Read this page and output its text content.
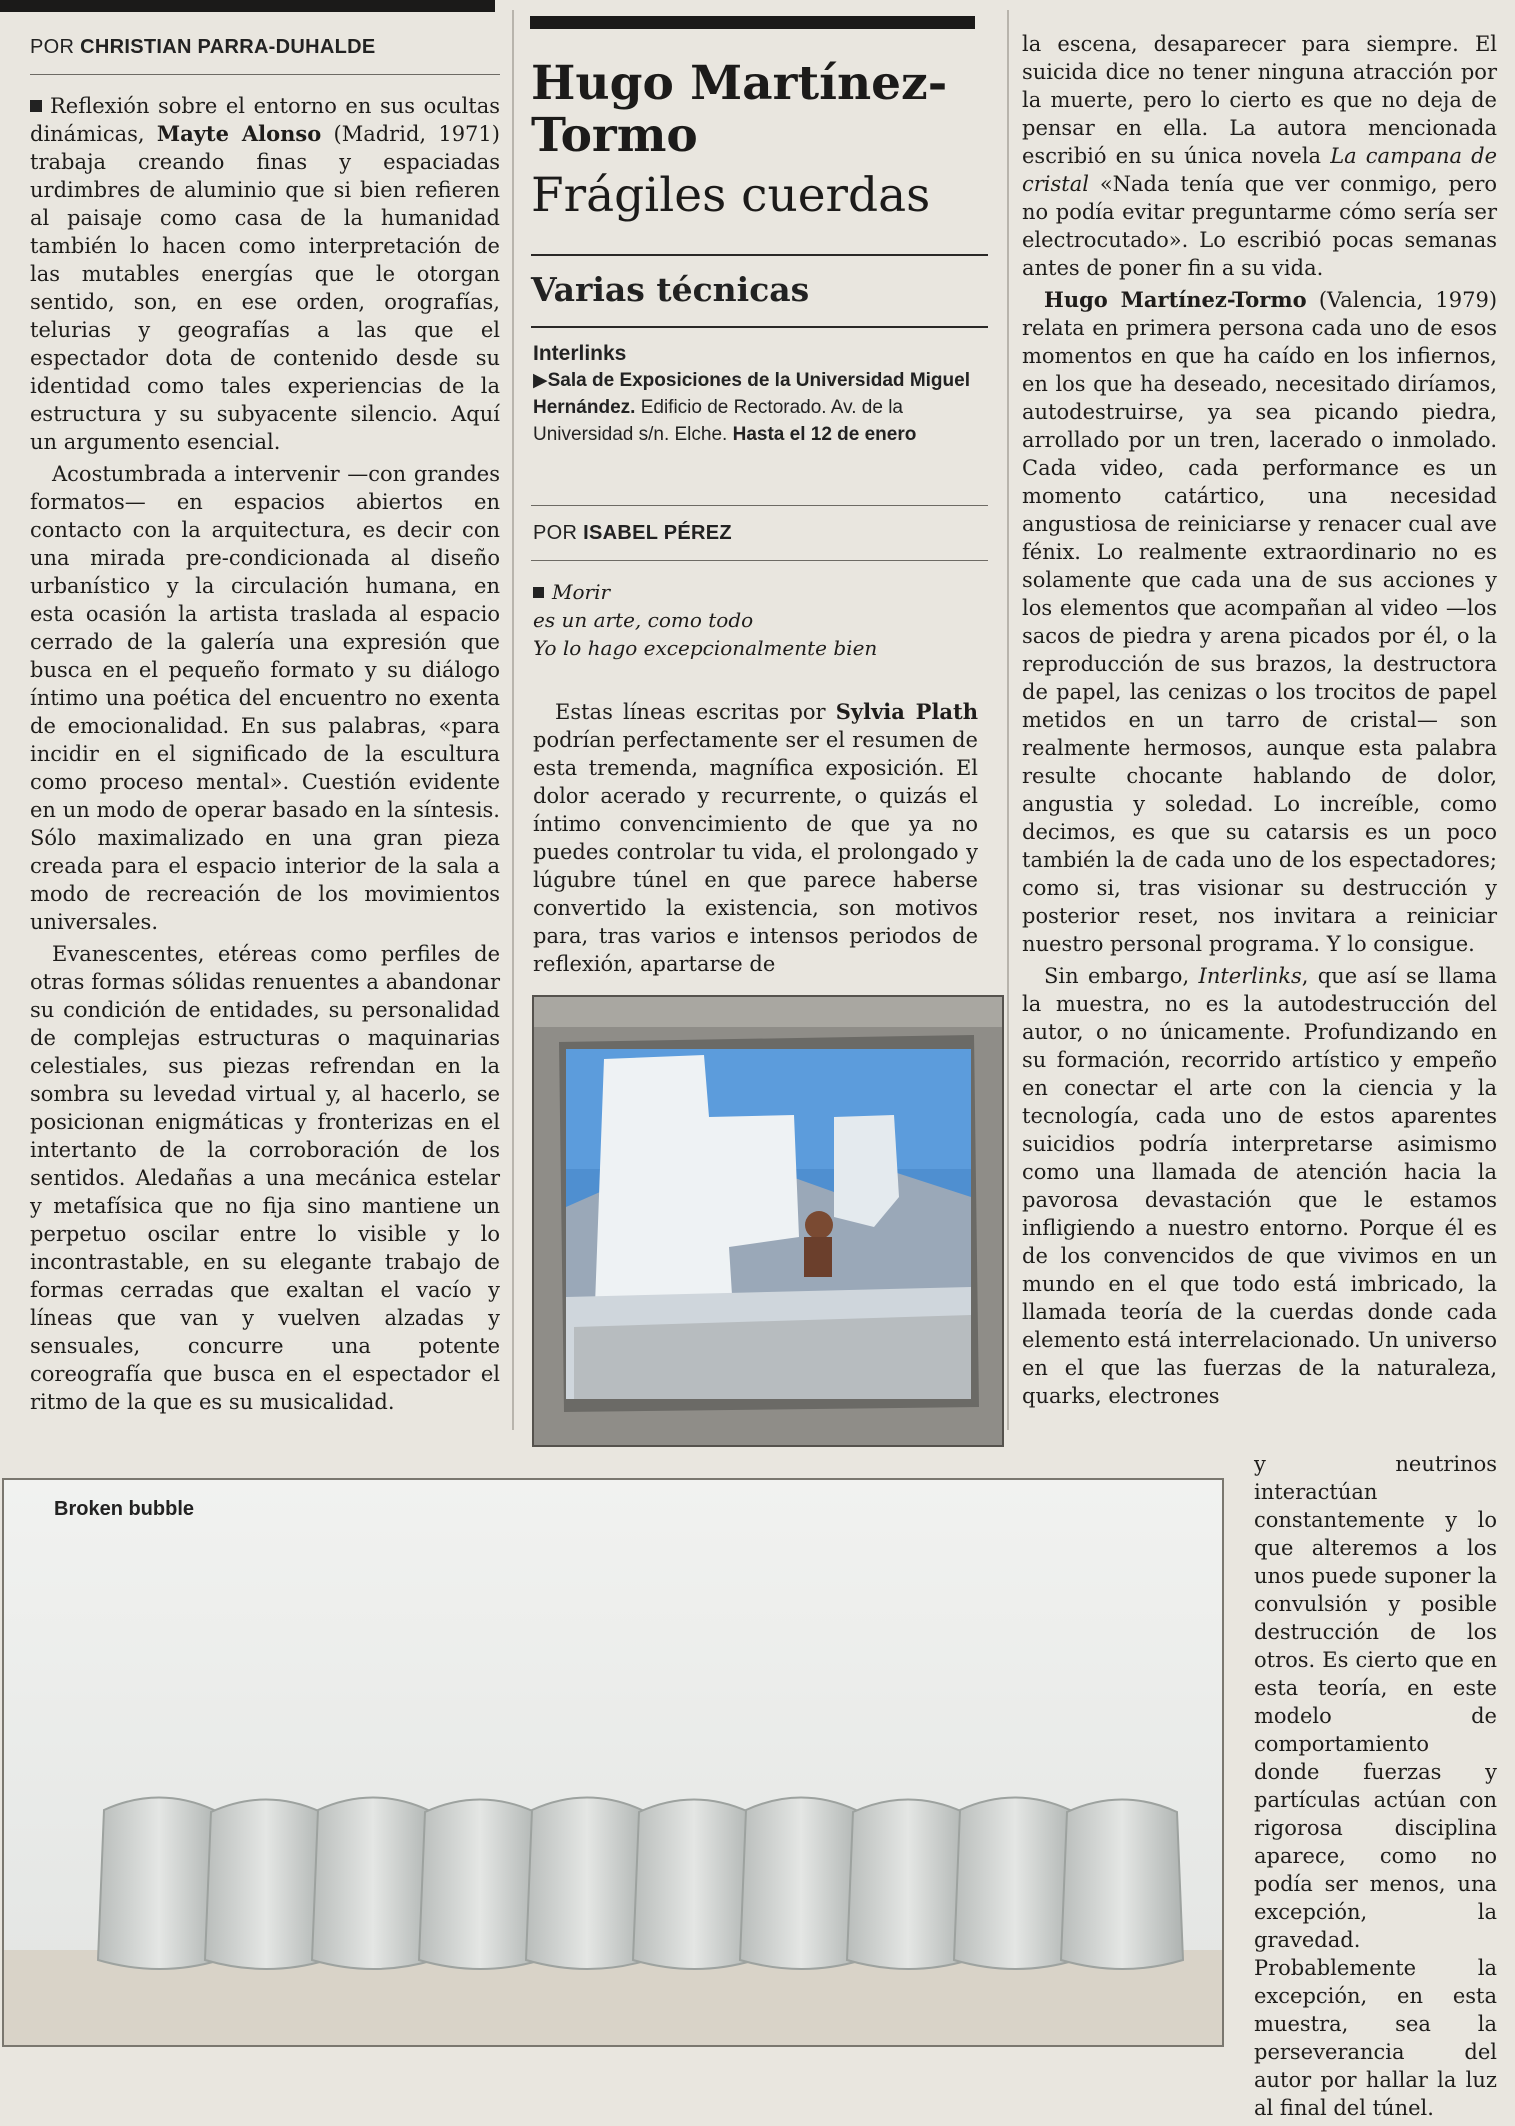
POR CHRISTIAN PARRA-DUHALDE

Reflexión sobre el entorno en sus ocultas dinámicas, Mayte Alonso (Madrid, 1971) trabaja creando finas y espaciadas urdimbres de aluminio que si bien refieren al paisaje como casa de la humanidad también lo hacen como interpretación de las mutables energías que le otorgan sentido, son, en ese orden, orografías, telurias y geografías a las que el espectador dota de contenido desde su identidad como tales experiencias de la estructura y su subyacente silencio. Aquí un argumento esencial.

Acostumbrada a intervenir —con grandes formatos— en espacios abiertos en contacto con la arquitectura, es decir con una mirada pre-condicionada al diseño urbanístico y la circulación humana, en esta ocasión la artista traslada al espacio cerrado de la galería una expresión que busca en el pequeño formato y su diálogo íntimo una poética del encuentro no exenta de emocionalidad. En sus palabras, «para incidir en el significado de la escultura como proceso mental». Cuestión evidente en un modo de operar basado en la síntesis. Sólo maximalizado en una gran pieza creada para el espacio interior de la sala a modo de recreación de los movimientos universales.

Evanescentes, etéreas como perfiles de otras formas sólidas renuentes a abandonar su condición de entidades, su personalidad de complejas estructuras o maquinarias celestiales, sus piezas refrendan en la sombra su levedad virtual y, al hacerlo, se posicionan enigmáticas y fronterizas en el intertanto de la corroboración de los sentidos. Aledañas a una mecánica estelar y metafísica que no fija sino mantiene un perpetuo oscilar entre lo visible y lo incontrastable, en su elegante trabajo de formas cerradas que exaltan el vacío y líneas que van y vuelven alzadas y sensuales, concurre una potente coreografía que busca en el espectador el ritmo de la que es su musicalidad.

Hugo Martínez-Tormo
Frágiles cuerdas
Varias técnicas
Interlinks
▶Sala de Exposiciones de la Universidad Miguel Hernández. Edificio de Rectorado. Av. de la Universidad s/n. Elche. Hasta el 12 de enero
POR ISABEL PÉREZ
Morir
es un arte, como todo
Yo lo hago excepcionalmente bien

Estas líneas escritas por Sylvia Plath podrían perfectamente ser el resumen de esta tremenda, magnífica exposición. El dolor acerado y recurrente, o quizás el íntimo convencimiento de que ya no puedes controlar tu vida, el prolongado y lúgubre túnel en que parece haberse convertido la existencia, son motivos para, tras varios e intensos periodos de reflexión, apartarse de

la escena, desaparecer para siempre. El suicida dice no tener ninguna atracción por la muerte, pero lo cierto es que no deja de pensar en ella. La autora mencionada escribió en su única novela La campana de cristal «Nada tenía que ver conmigo, pero no podía evitar preguntarme cómo sería ser electrocutado». Lo escribió pocas semanas antes de poner fin a su vida.

Hugo Martínez-Tormo (Valencia, 1979) relata en primera persona cada uno de esos momentos en que ha caído en los infiernos, en los que ha deseado, necesitado diríamos, autodestruirse, ya sea picando piedra, arrollado por un tren, lacerado o inmolado. Cada video, cada performance es un momento catártico, una necesidad angustiosa de reiniciarse y renacer cual ave fénix. Lo realmente extraordinario no es solamente que cada una de sus acciones y los elementos que acompañan al video —los sacos de piedra y arena picados por él, o la reproducción de sus brazos, la destructora de papel, las cenizas o los trocitos de papel metidos en un tarro de cristal— son realmente hermosos, aunque esta palabra resulte chocante hablando de dolor, angustia y soledad. Lo increíble, como decimos, es que su catarsis es un poco también la de cada uno de los espectadores; como si, tras visionar su destrucción y posterior reset, nos invitara a reiniciar nuestro personal programa. Y lo consigue.

Sin embargo, Interlinks, que así se llama la muestra, no es la autodestrucción del autor, o no únicamente. Profundizando en su formación, recorrido artístico y empeño en conectar el arte con la ciencia y la tecnología, cada uno de estos aparentes suicidios podría interpretarse asimismo como una llamada de atención hacia la pavorosa devastación que le estamos infligiendo a nuestro entorno. Porque él es de los convencidos de que vivimos en un mundo en el que todo está imbricado, la llamada teoría de la cuerdas donde cada elemento está interrelacionado. Un universo en el que las fuerzas de la naturaleza, quarks, electrones

y neutrinos interactúan constantemente y lo que alteremos a los unos puede suponer la convulsión y posible destrucción de los otros. Es cierto que en esta teoría, en este modelo de comportamiento donde fuerzas y partículas actúan con rigorosa disciplina aparece, como no podía ser menos, una excepción, la gravedad. Probablemente la excepción, en esta muestra, sea la perseverancia del autor por hallar la luz al final del túnel.

Broken bubble
